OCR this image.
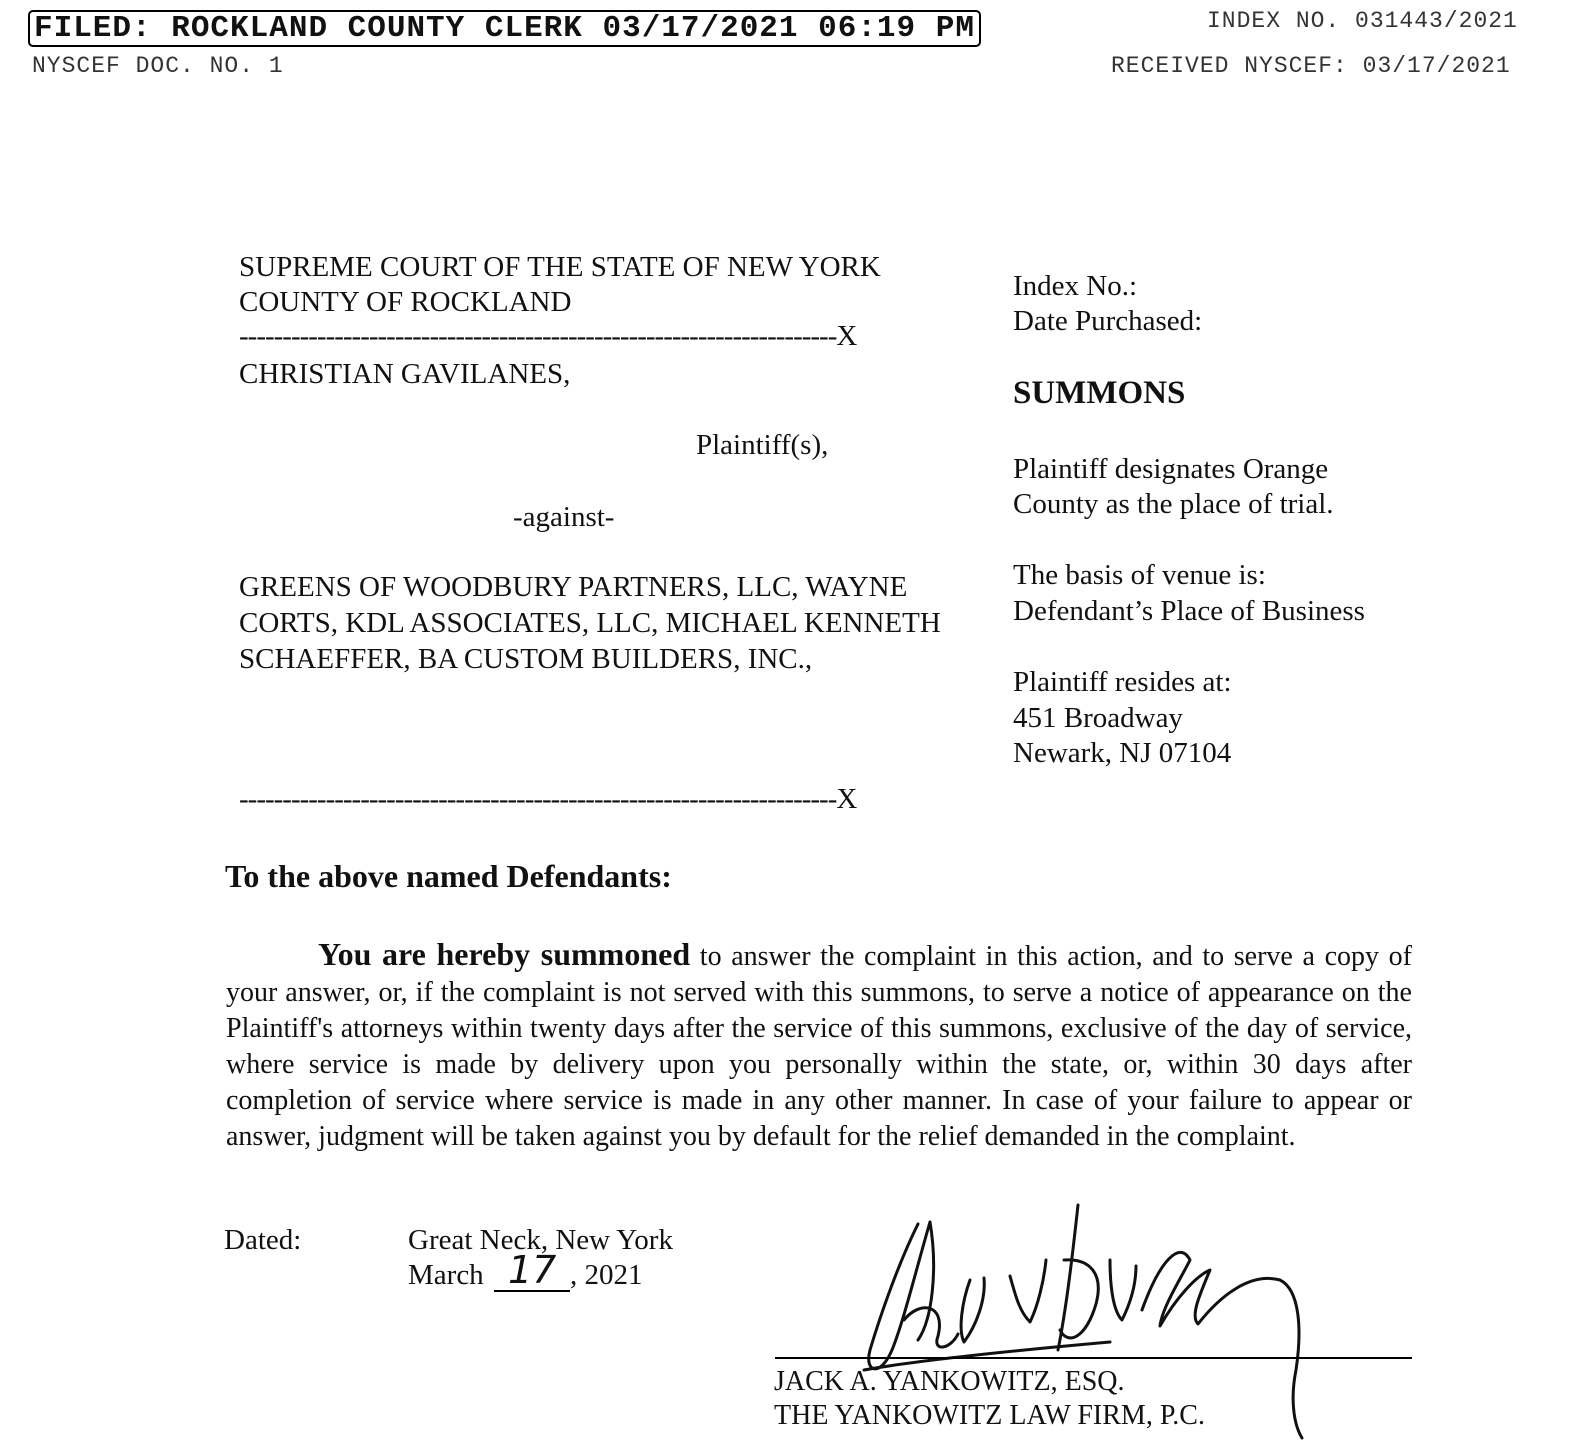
FILED: ROCKLAND COUNTY CLERK 03/17/2021 06:19 PM	INDEX NO. 031443/2021
NYSCEF DOC. NO. 1	RECEIVED NYSCEF: 03/17/2021
SUPREME COURT OF THE STATE OF NEW YORK
COUNTY OF ROCKLAND
---------------------------------------------------------------------X
CHRISTIAN GAVILANES,
Plaintiff(s),
-against-
GREENS OF WOODBURY PARTNERS, LLC, WAYNE
CORTS, KDL ASSOCIATES, LLC, MICHAEL KENNETH
SCHAEFFER, BA CUSTOM BUILDERS, INC.,
---------------------------------------------------------------------X
Index No.:
Date Purchased:
SUMMONS
Plaintiff designates Orange
County as the place of trial.
The basis of venue is:
Defendant’s Place of Business
Plaintiff resides at:
451 Broadway
Newark, NJ 07104
To the above named Defendants:
You are hereby summoned to answer the complaint in this action, and to serve a copy of your answer, or, if the complaint is not served with this summons, to serve a notice of appearance on the Plaintiff's attorneys within twenty days after the service of this summons, exclusive of the day of service, where service is made by delivery upon you personally within the state, or, within 30 days after completion of service where service is made in any other manner. In case of your failure to appear or answer, judgment will be taken against you by default for the relief demanded in the complaint.
Dated:	Great Neck, New York
March 17 , 2021
JACK A. YANKOWITZ, ESQ.
THE YANKOWITZ LAW FIRM, P.C.
